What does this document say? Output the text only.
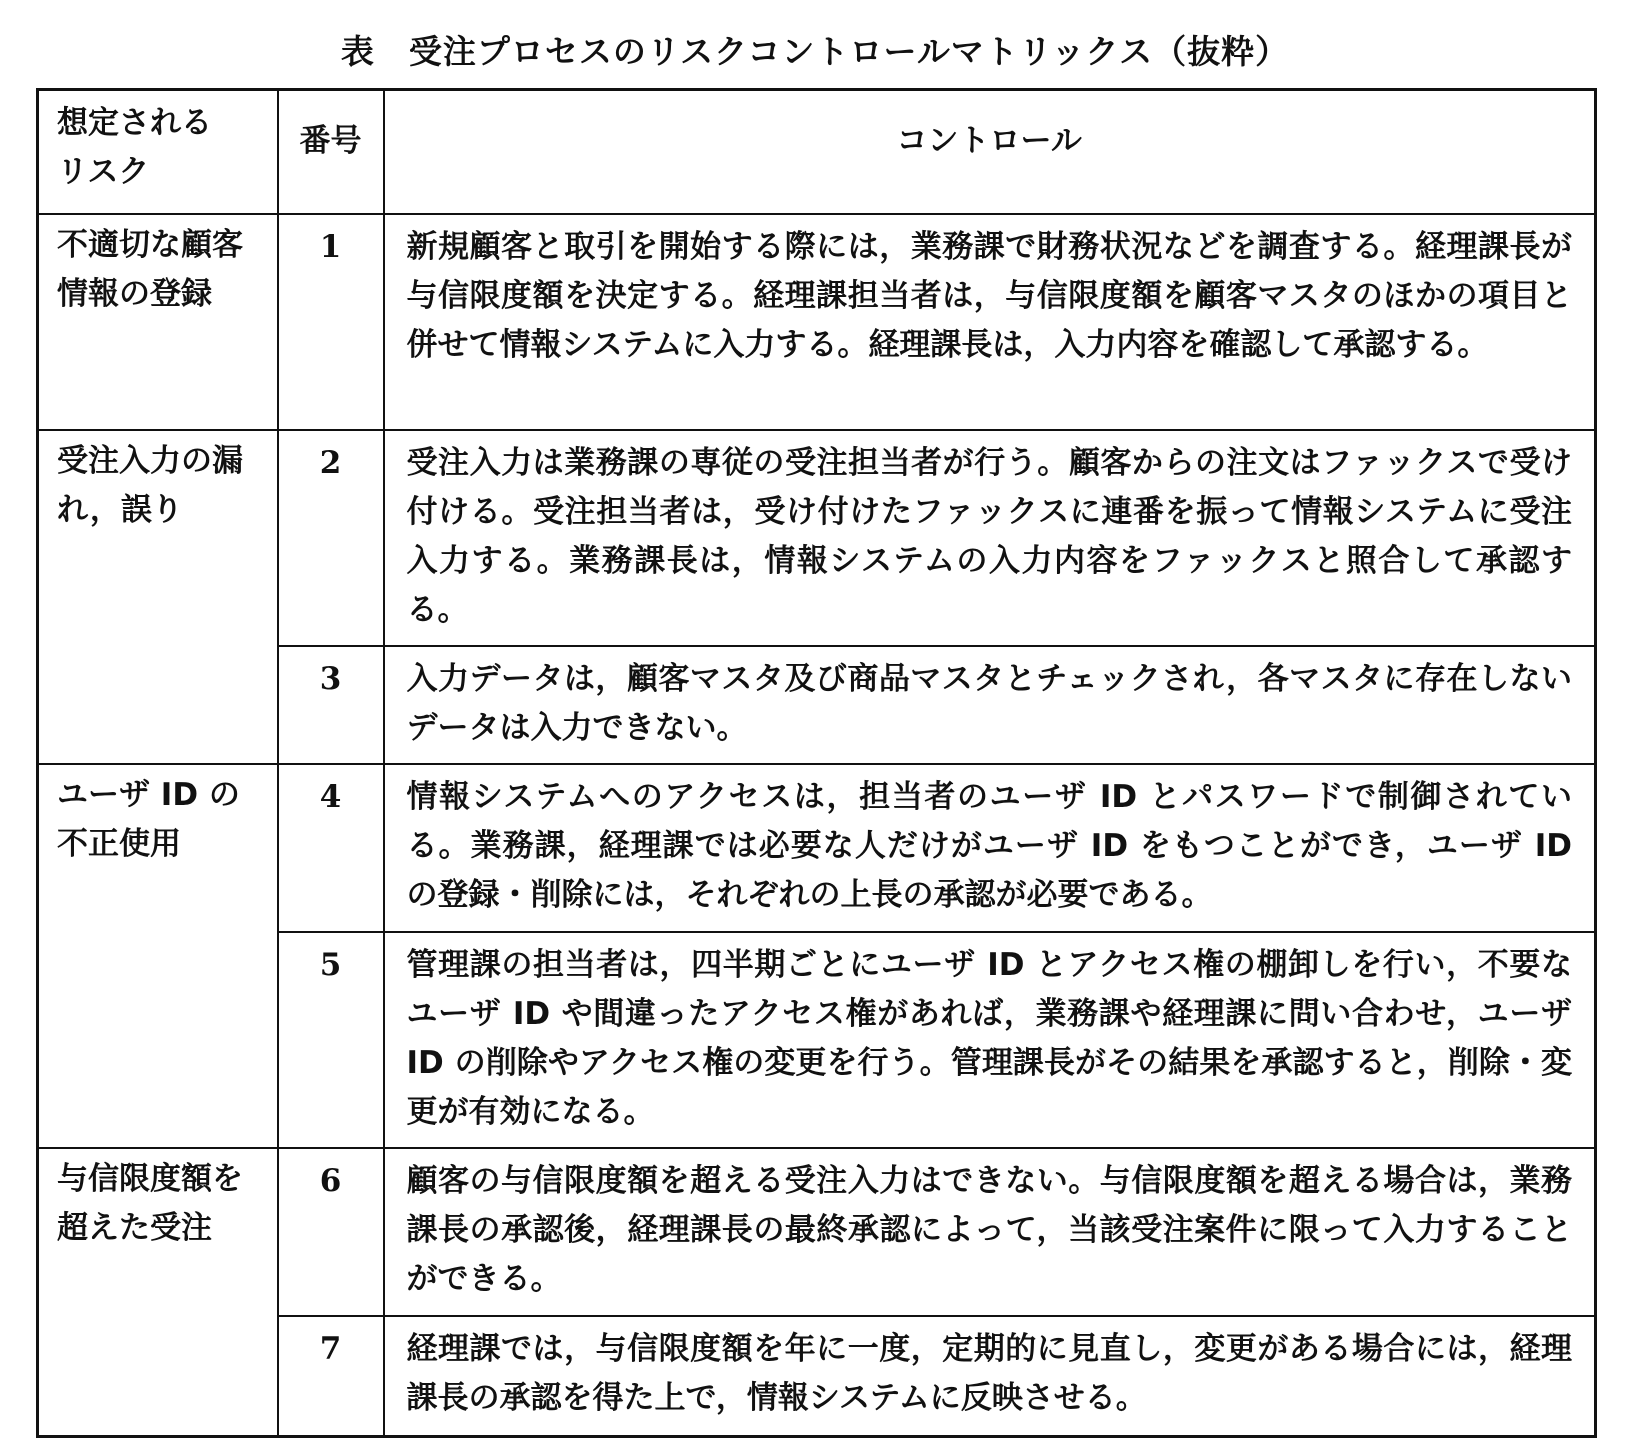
表　受注プロセスのリスクコントロールマトリックス（抜粋）
想定される
リスク	番号	コントロール
不適切な顧客情報の登録	1	新規顧客と取引を開始する際には，業務課で財務状況などを調査する。経理課長が与信限度額を決定する。経理課担当者は，与信限度額を顧客マスタのほかの項目と併せて情報システムに入力する。経理課長は，入力内容を確認して承認する。
受注入力の漏れ，誤り	2	受注入力は業務課の専従の受注担当者が行う。顧客からの注文はファックスで受け付ける。受注担当者は，受け付けたファックスに連番を振って情報システムに受注入力する。業務課長は，情報システムの入力内容をファックスと照合して承認する。
	3	入力データは，顧客マスタ及び商品マスタとチェックされ，各マスタに存在しないデータは入力できない。
ユーザ ID の不正使用	4	情報システムへのアクセスは，担当者のユーザ ID とパスワードで制御されている。業務課，経理課では必要な人だけがユーザ ID をもつことができ，ユーザ ID の登録・削除には，それぞれの上長の承認が必要である。
	5	管理課の担当者は，四半期ごとにユーザ ID とアクセス権の棚卸しを行い，不要なユーザ ID や間違ったアクセス権があれば，業務課や経理課に問い合わせ，ユーザ ID の削除やアクセス権の変更を行う。管理課長がその結果を承認すると，削除・変更が有効になる。
与信限度額を超えた受注	6	顧客の与信限度額を超える受注入力はできない。与信限度額を超える場合は，業務課長の承認後，経理課長の最終承認によって，当該受注案件に限って入力することができる。
	7	経理課では，与信限度額を年に一度，定期的に見直し，変更がある場合には，経理課長の承認を得た上で，情報システムに反映させる。
